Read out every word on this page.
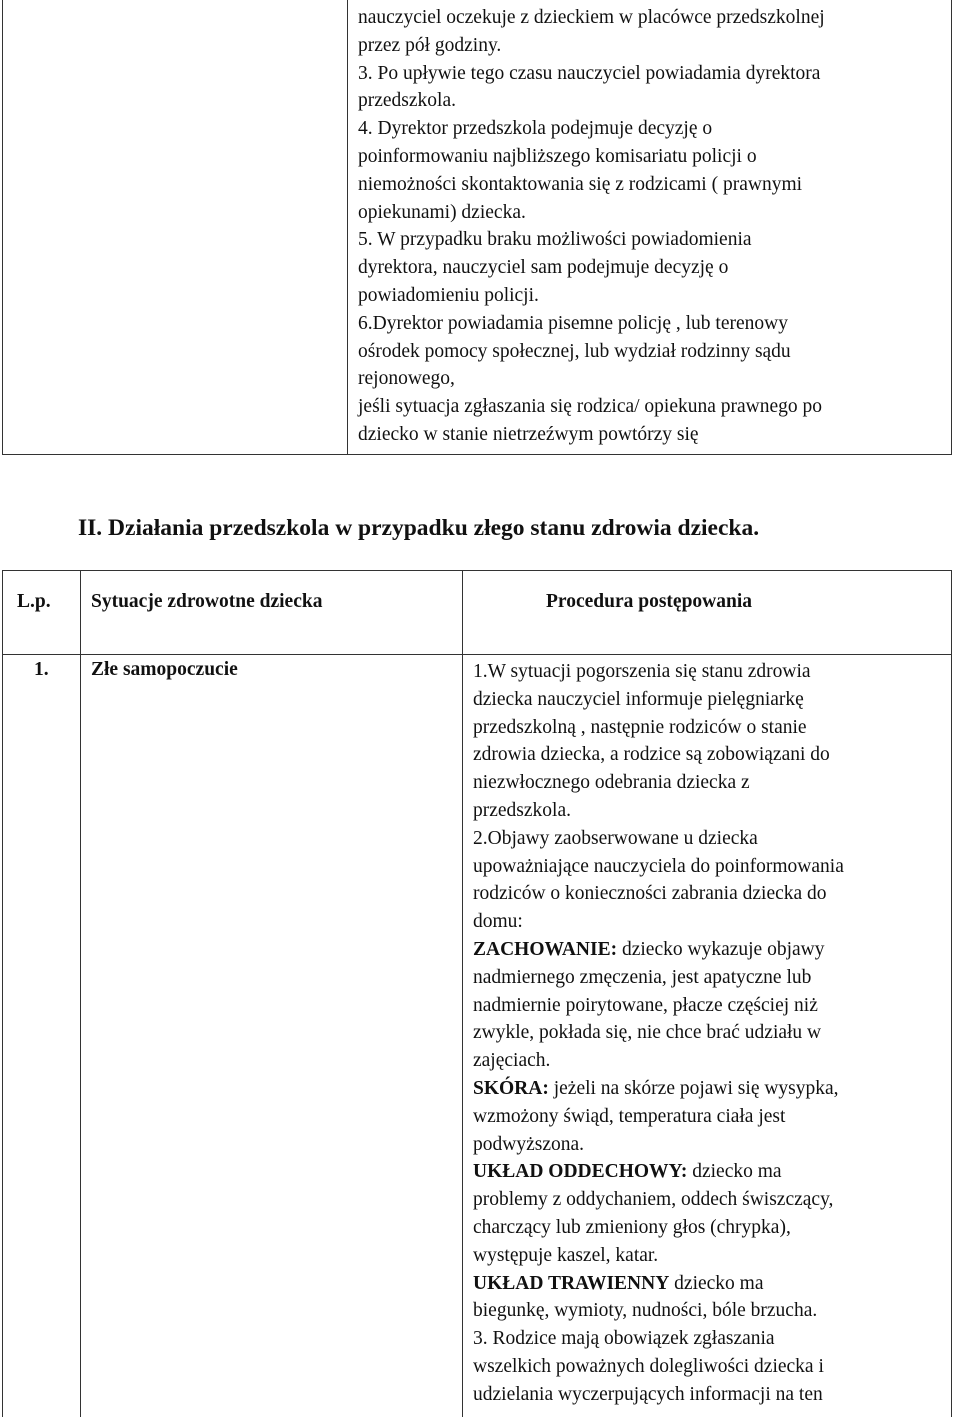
nauczyciel oczekuje z dzieckiem w placówce przedszkolnej

przez pół godziny.

3. Po upływie tego czasu nauczyciel powiadamia dyrektora

przedszkola.

4. Dyrektor przedszkola podejmuje decyzję o

poinformowaniu najbliższego komisariatu policji o

niemożności skontaktowania się z rodzicami ( prawnymi

opiekunami) dziecka.

5. W przypadku braku możliwości powiadomienia

dyrektora, nauczyciel sam podejmuje decyzję o

powiadomieniu policji.

6.Dyrektor powiadamia pisemne policję , lub terenowy

ośrodek pomocy społecznej, lub wydział rodzinny sądu

rejonowego,

jeśli sytuacja zgłaszania się rodzica/ opiekuna prawnego po

dziecko w stanie nietrzeźwym powtórzy się

II. Działania przedszkola w przypadku złego stanu zdrowia dziecka.
L.p. Sytuacje zdrowotne dziecka	Procedura postępowania
1. Złe samopoczucie	1.W sytuacji pogorszenia się stanu zdrowia

dziecka nauczyciel informuje pielęgniarkę

przedszkolną , następnie rodziców o stanie

zdrowia dziecka, a rodzice są zobowiązani do

niezwłocznego odebrania dziecka z

przedszkola.

2.Objawy zaobserwowane u dziecka

upoważniające nauczyciela do poinformowania

rodziców o konieczności zabrania dziecka do

domu:

ZACHOWANIE: dziecko wykazuje objawy

nadmiernego zmęczenia, jest apatyczne lub

nadmiernie poirytowane, płacze częściej niż

zwykle, pokłada się, nie chce brać udziału w

zajęciach.

SKÓRA: jeżeli na skórze pojawi się wysypka,

wzmożony świąd, temperatura ciała jest

podwyższona.

UKŁAD ODDECHOWY: dziecko ma

problemy z oddychaniem, oddech świszczący,

charczący lub zmieniony głos (chrypka),

występuje kaszel, katar.

UKŁAD TRAWIENNY dziecko ma

biegunkę, wymioty, nudności, bóle brzucha.

3. Rodzice mają obowiązek zgłaszania

wszelkich poważnych dolegliwości dziecka i

udzielania wyczerpujących informacji na ten
